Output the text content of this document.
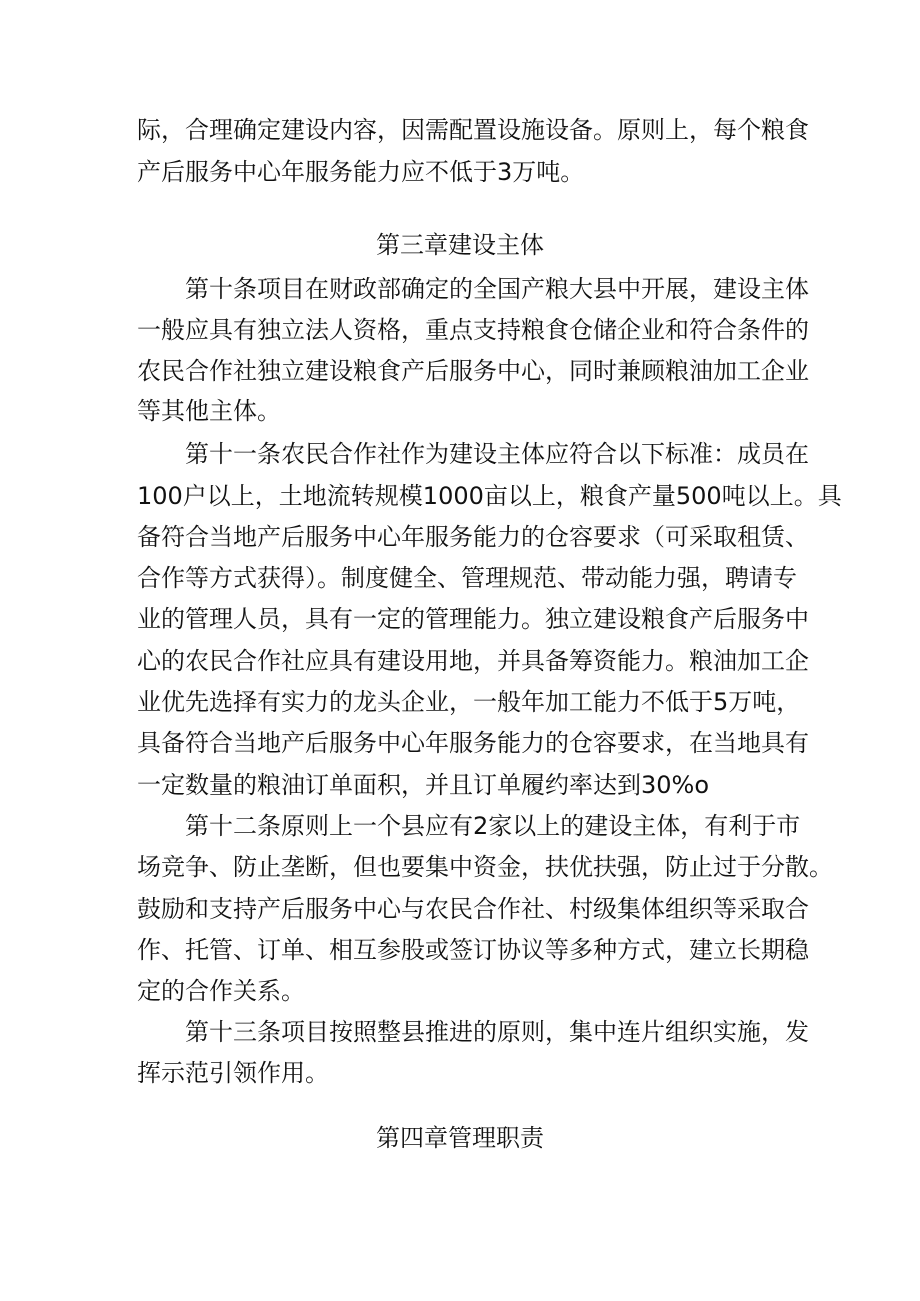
际，合理确定建设内容，因需配置设施设备。原则上，每个粮食
产后服务中心年服务能力应不低于3万吨。
第三章建设主体
第十条项目在财政部确定的全国产粮大县中开展，建设主体
一般应具有独立法人资格，重点支持粮食仓储企业和符合条件的
农民合作社独立建设粮食产后服务中心，同时兼顾粮油加工企业
等其他主体。
第十一条农民合作社作为建设主体应符合以下标准：成员在
100户以上，土地流转规模1000亩以上，粮食产量500吨以上。具
备符合当地产后服务中心年服务能力的仓容要求（可采取租赁、
合作等方式获得）。制度健全、管理规范、带动能力强，聘请专
业的管理人员，具有一定的管理能力。独立建设粮食产后服务中
心的农民合作社应具有建设用地，并具备筹资能力。粮油加工企
业优先选择有实力的龙头企业，一般年加工能力不低于5万吨，
具备符合当地产后服务中心年服务能力的仓容要求，在当地具有
一定数量的粮油订单面积，并且订单履约率达到30%o
第十二条原则上一个县应有2家以上的建设主体，有利于市
场竞争、防止垄断，但也要集中资金，扶优扶强，防止过于分散。
鼓励和支持产后服务中心与农民合作社、村级集体组织等采取合
作、托管、订单、相互参股或签订协议等多种方式，建立长期稳
定的合作关系。
第十三条项目按照整县推进的原则，集中连片组织实施，发
挥示范引领作用。
第四章管理职责
